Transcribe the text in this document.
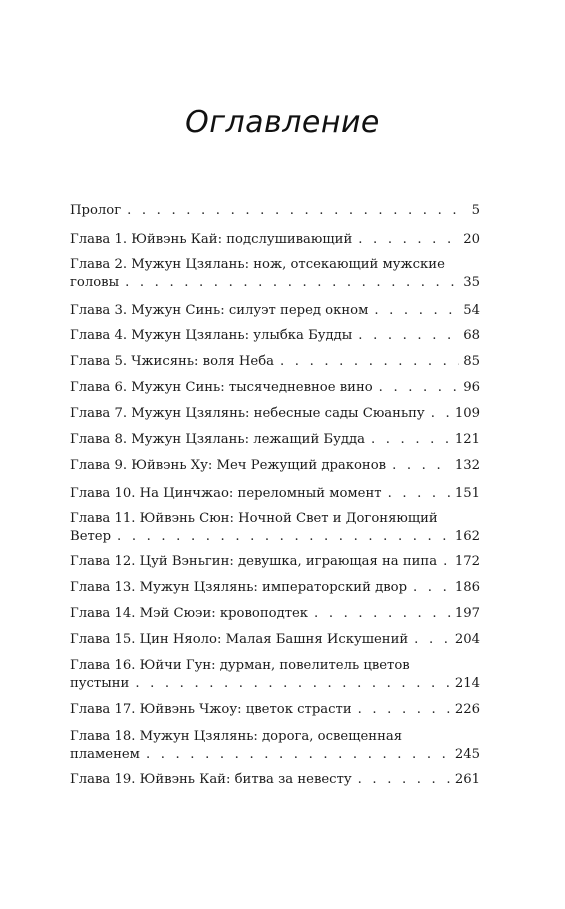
Оглавление
Пролог . . .	5
Глава 1. Юйвэнь Кай: подслушивающий . . .	20
Глава 2. Мужун Цзялань: нож, отсекающий мужские
головы . . .	35
Глава 3. Мужун Синь: силуэт перед окном . . .	54
Глава 4. Мужун Цзялань: улыбка Будды . . .	68
Глава 5. Чжисянь: воля Неба . . .	85
Глава 6. Мужун Синь: тысячедневное вино . . .	96
Глава 7. Мужун Цзялянь: небесные сады Сюаньпу . . . 109
Глава 8. Мужун Цзялань: лежащий Будда . . .	121
Глава 9. Юйвэнь Ху: Меч Режущий драконов . . .	132
Глава 10. На Цинчжао: переломный момент . . .	151
Глава 11. Юйвэнь Сюн: Ночной Свет и Догоняющий
Ветер . . .	162
Глава 12. Цуй Вэньгин: девушка, играющая на пипа . . . 172
Глава 13. Мужун Цзялянь: императорский двор . . .	186
Глава 14. Мэй Сюэи: кровоподтек . . .	197
Глава 15. Цин Няоло: Малая Башня Искушений . . .	204
Глава 16. Юйчи Гун: дурман, повелитель цветов
пустыни . . .	214
Глава 17. Юйвэнь Чжоу: цветок страсти . . .	226
Глава 18. Мужун Цзялянь: дорога, освещенная
пламенем . . .	245
Глава 19. Юйвэнь Кай: битва за невесту . . .	261
